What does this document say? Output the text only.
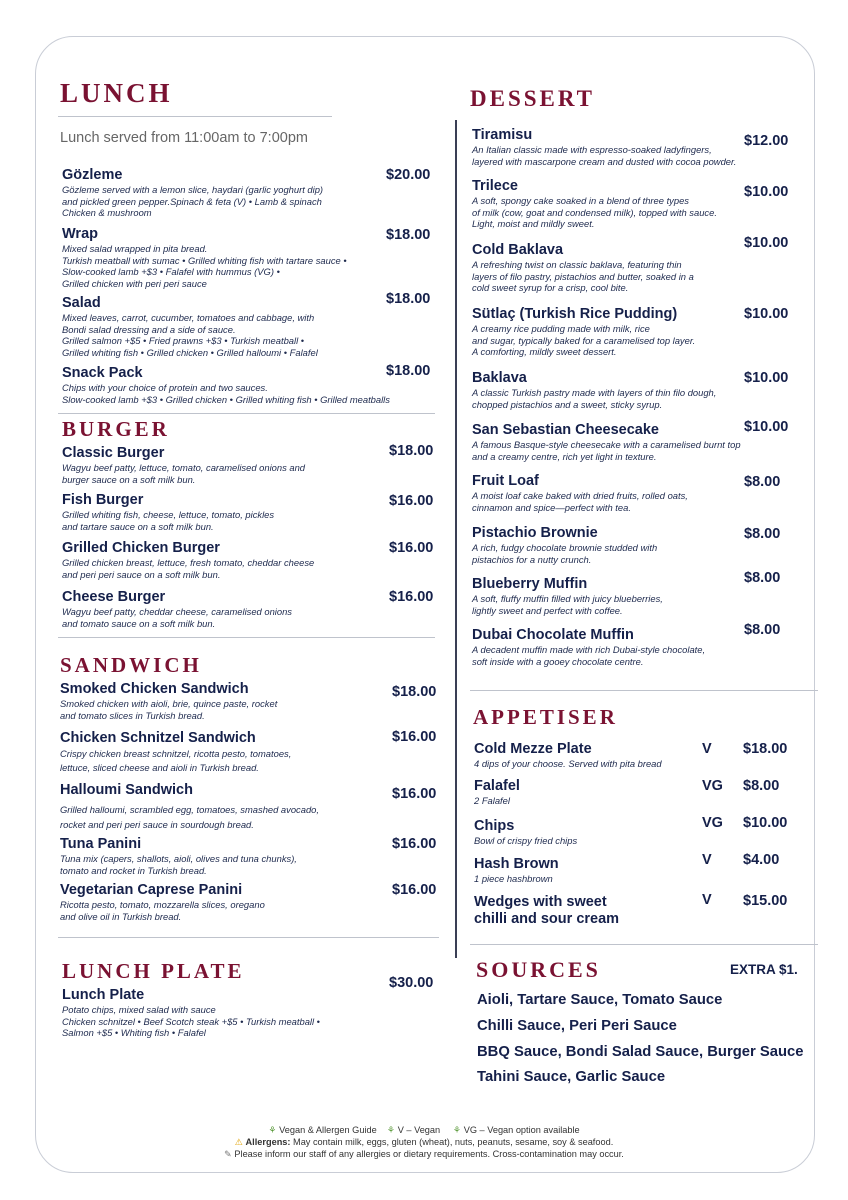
LUNCH
Lunch served from 11:00am to 7:00pm
Gözleme
Gözleme served with a lemon slice, haydari (garlic yoghurt dip)
and pickled green pepper.Spinach & feta (V) • Lamb & spinach
Chicken & mushroom
$20.00
Wrap
Mixed salad wrapped in pita bread.
Turkish meatball with sumac • Grilled whiting fish with tartare sauce •
Slow-cooked lamb +$3 • Falafel with hummus (VG) •
Grilled chicken with peri peri sauce
$18.00
Salad
Mixed leaves, carrot, cucumber, tomatoes and cabbage, with
Bondi salad dressing and a side of sauce.
Grilled salmon +$5 • Fried prawns +$3 • Turkish meatball •
Grilled whiting fish • Grilled chicken • Grilled halloumi • Falafel
$18.00
Snack Pack
Chips with your choice of protein and two sauces.
Slow-cooked lamb +$3 • Grilled chicken • Grilled whiting fish • Grilled meatballs
$18.00
BURGER
Classic Burger
Wagyu beef patty, lettuce, tomato, caramelised onions and
burger sauce on a soft milk bun.
$18.00
Fish Burger
Grilled whiting fish, cheese, lettuce, tomato, pickles
and tartare sauce on a soft milk bun.
$16.00
Grilled Chicken Burger
Grilled chicken breast, lettuce, fresh tomato, cheddar cheese
and peri peri sauce on a soft milk bun.
$16.00
Cheese Burger
Wagyu beef patty, cheddar cheese, caramelised onions
and tomato sauce on a soft milk bun.
$16.00
SANDWICH
Smoked Chicken Sandwich
Smoked chicken with aioli, brie, quince paste, rocket
and tomato slices in Turkish bread.
$18.00
Chicken Schnitzel Sandwich
Crispy chicken breast schnitzel, ricotta pesto, tomatoes,
lettuce, sliced cheese and aioli in Turkish bread.
$16.00
Halloumi Sandwich
Grilled halloumi, scrambled egg, tomatoes, smashed avocado,
rocket and peri peri sauce in sourdough bread.
$16.00
Tuna Panini
Tuna mix (capers, shallots, aioli, olives and tuna chunks),
tomato and rocket in Turkish bread.
$16.00
Vegetarian Caprese Panini
Ricotta pesto, tomato, mozzarella slices, oregano
and olive oil in Turkish bread.
$16.00
LUNCH PLATE
Lunch Plate
Potato chips, mixed salad with sauce
Chicken schnitzel • Beef Scotch steak +$5 • Turkish meatball •
Salmon +$5 • Whiting fish • Falafel
$30.00
DESSERT
Tiramisu
An Italian classic made with espresso-soaked ladyfingers,
layered with mascarpone cream and dusted with cocoa powder.
$12.00
Trilece
A soft, spongy cake soaked in a blend of three types
of milk (cow, goat and condensed milk), topped with sauce.
Light, moist and mildly sweet.
$10.00
Cold Baklava
A refreshing twist on classic baklava, featuring thin
layers of filo pastry, pistachios and butter, soaked in a
cold sweet syrup for a crisp, cool bite.
$10.00
Sütlaç (Turkish Rice Pudding)
A creamy rice pudding made with milk, rice
and sugar, typically baked for a caramelised top layer.
A comforting, mildly sweet dessert.
$10.00
Baklava
A classic Turkish pastry made with layers of thin filo dough,
chopped pistachios and a sweet, sticky syrup.
$10.00
San Sebastian Cheesecake
A famous Basque-style cheesecake with a caramelised burnt top
and a creamy centre, rich yet light in texture.
$10.00
Fruit Loaf
A moist loaf cake baked with dried fruits, rolled oats,
cinnamon and spice—perfect with tea.
$8.00
Pistachio Brownie
A rich, fudgy chocolate brownie studded with
pistachios for a nutty crunch.
$8.00
Blueberry Muffin
A soft, fluffy muffin filled with juicy blueberries,
lightly sweet and perfect with coffee.
$8.00
Dubai Chocolate Muffin
A decadent muffin made with rich Dubai-style chocolate,
soft inside with a gooey chocolate centre.
$8.00
APPETISER
Cold Mezze Plate
4 dips of your choose. Served with pita bread
V $18.00
Falafel
2 Falafel
VG $8.00
Chips
Bowl of crispy fried chips
VG $10.00
Hash Brown
1 piece hashbrown
V $4.00
Wedges with sweet
chilli and sour cream
V $15.00
SOURCES	EXTRA $1.
Aioli, Tartare Sauce, Tomato Sauce
Chilli Sauce, Peri Peri Sauce
BBQ Sauce, Bondi Salad Sauce, Burger Sauce
Tahini Sauce, Garlic Sauce
⚘ Vegan & Allergen Guide ⚘ V – Vegan ⚘ VG – Vegan option available
⚠ Allergens: May contain milk, eggs, gluten (wheat), nuts, peanuts, sesame, soy & seafood.
✎ Please inform our staff of any allergies or dietary requirements. Cross-contamination may occur.
